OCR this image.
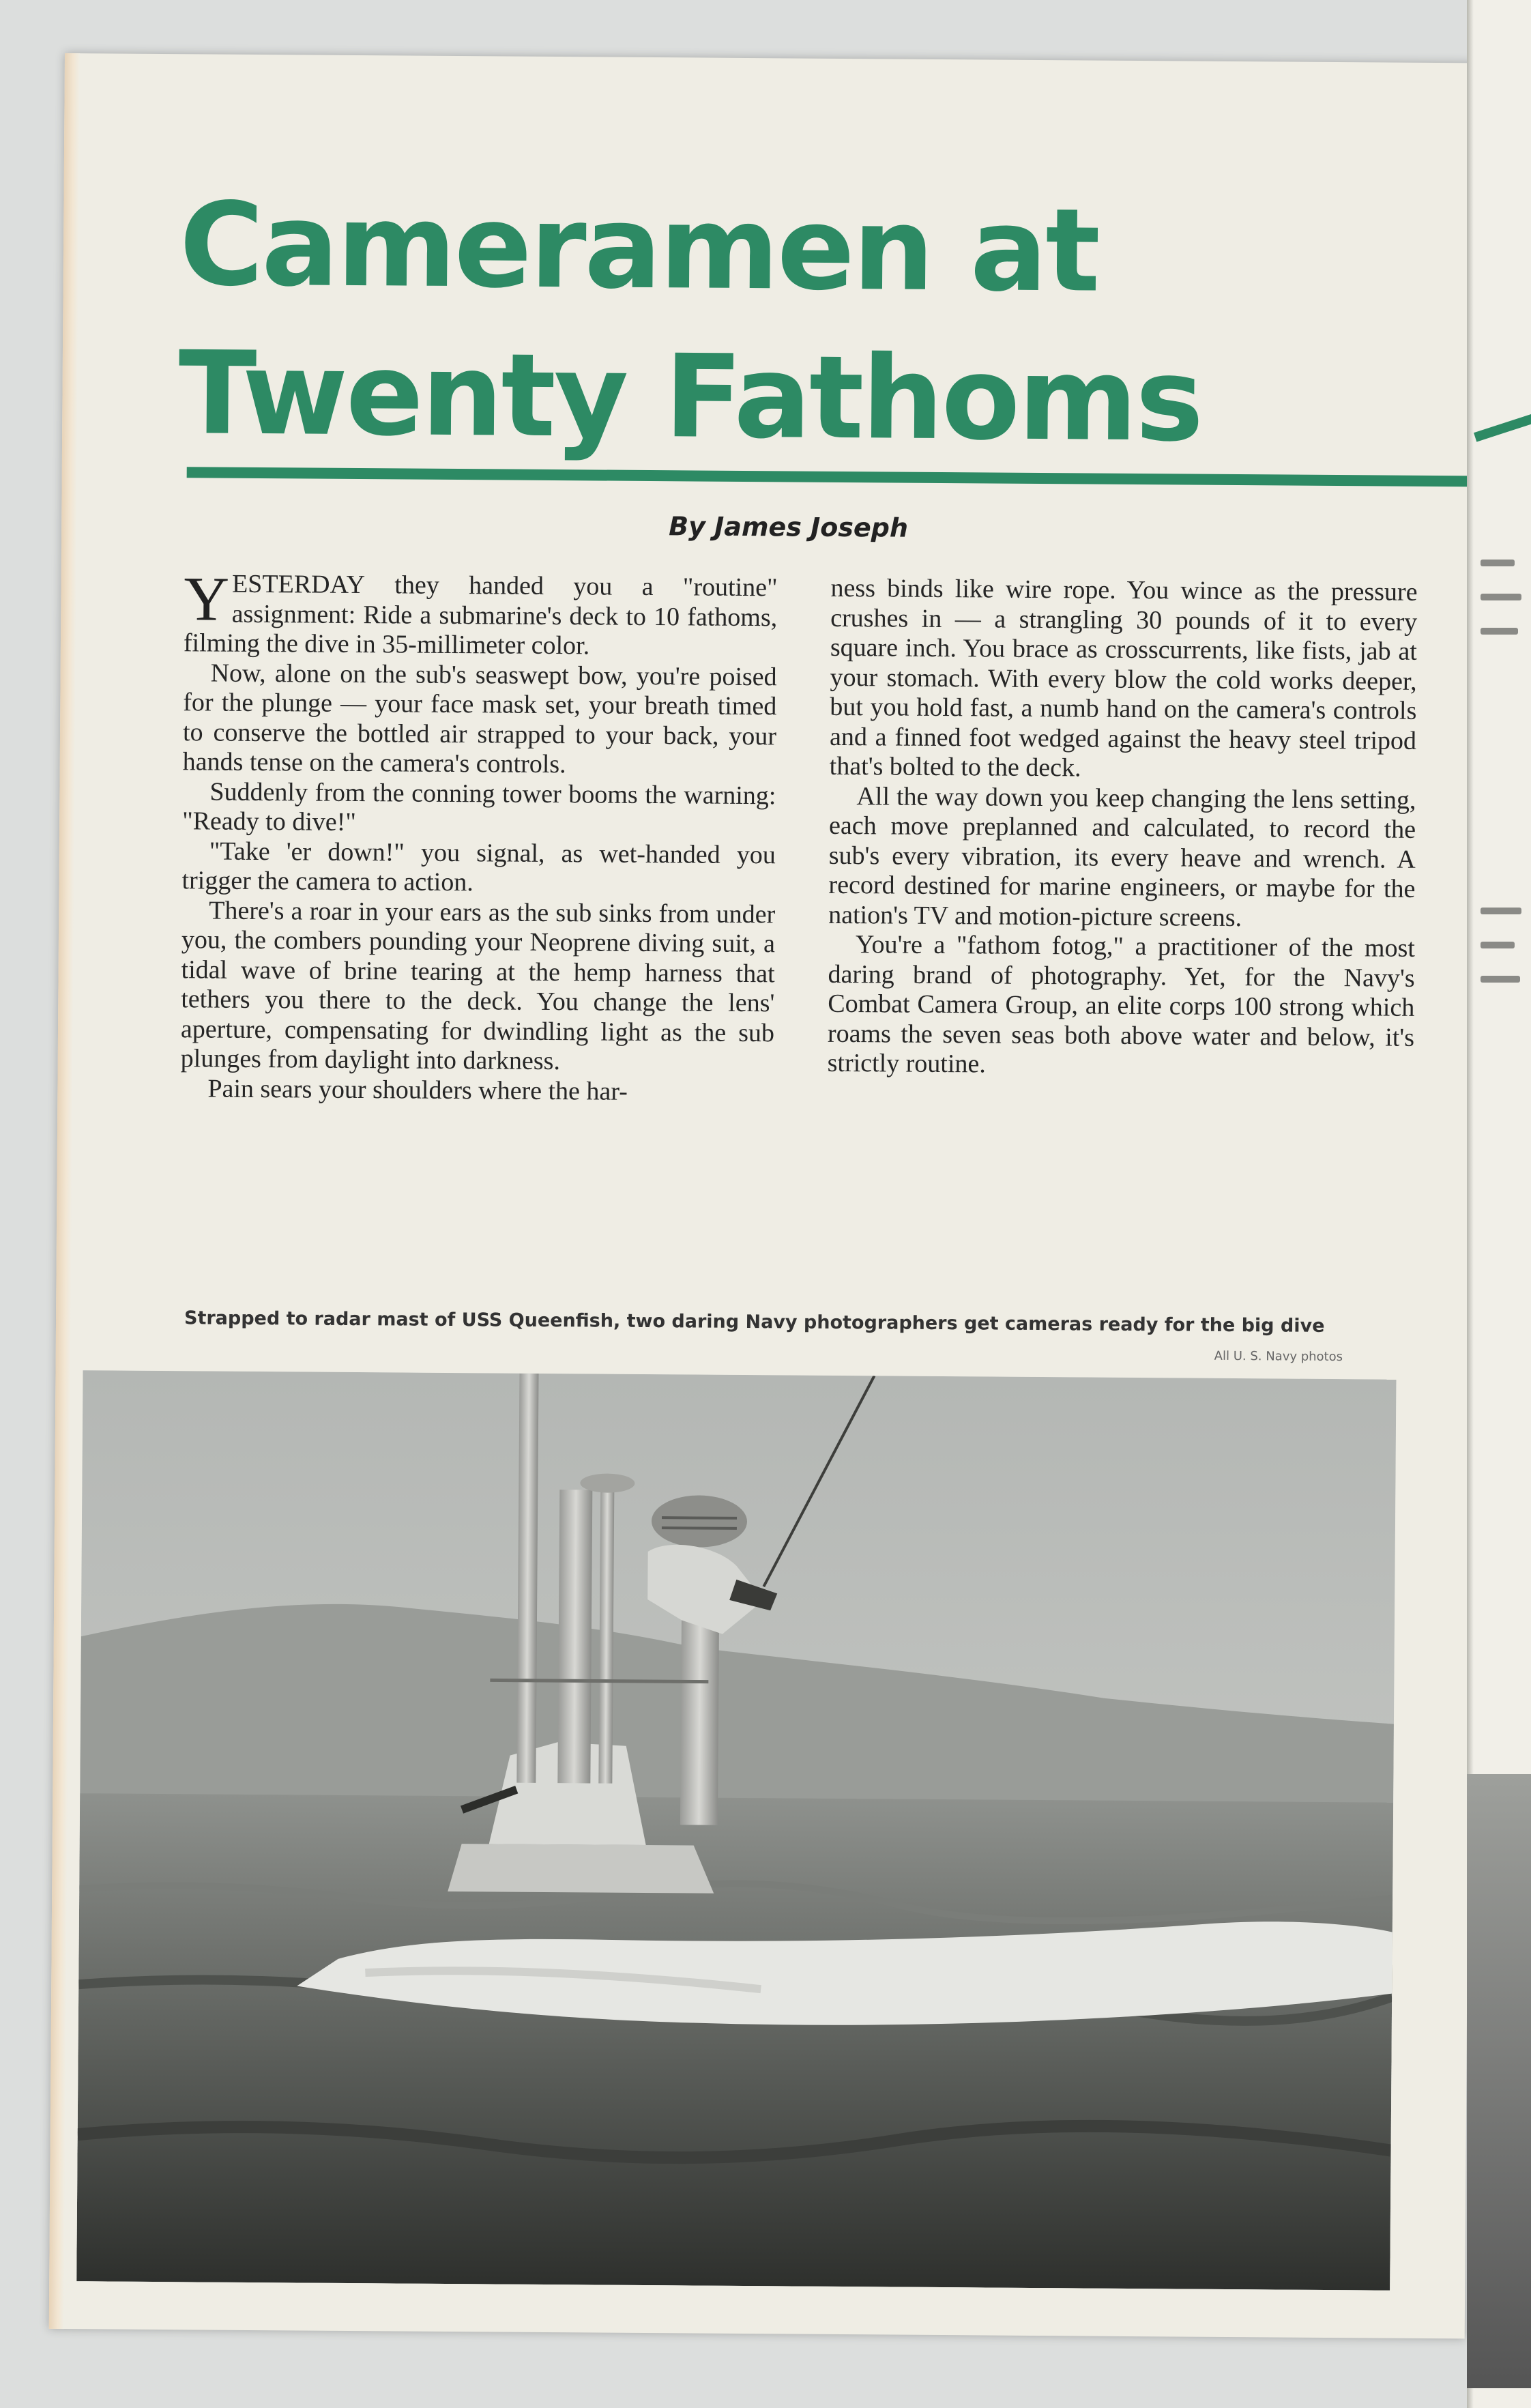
Cameramen at
Twenty Fathoms
By James Joseph

YESTERDAY they handed you a "routine" assignment: Ride a submarine's deck to 10 fathoms, filming the dive in 35-millimeter color.

Now, alone on the sub's seaswept bow, you're poised for the plunge — your face mask set, your breath timed to conserve the bottled air strapped to your back, your hands tense on the camera's controls.

Suddenly from the conning tower booms the warning: "Ready to dive!"

"Take 'er down!" you signal, as wet-handed you trigger the camera to action.

There's a roar in your ears as the sub sinks from under you, the combers pounding your Neoprene diving suit, a tidal wave of brine tearing at the hemp harness that tethers you there to the deck. You change the lens' aperture, compensating for dwindling light as the sub plunges from daylight into darkness.

Pain sears your shoulders where the har-

ness binds like wire rope. You wince as the pressure crushes in — a strangling 30 pounds of it to every square inch. You brace as crosscurrents, like fists, jab at your stomach. With every blow the cold works deeper, but you hold fast, a numb hand on the camera's controls and a finned foot wedged against the heavy steel tripod that's bolted to the deck.

All the way down you keep changing the lens setting, each move preplanned and calculated, to record the sub's every vibration, its every heave and wrench. A record destined for marine engineers, or maybe for the nation's TV and motion-picture screens.

You're a "fathom fotog," a practitioner of the most daring brand of photography. Yet, for the Navy's Combat Camera Group, an elite corps 100 strong which roams the seven seas both above water and below, it's strictly routine.

Strapped to radar mast of USS Queenfish, two daring Navy photographers get cameras ready for the big dive
All U. S. Navy photos
